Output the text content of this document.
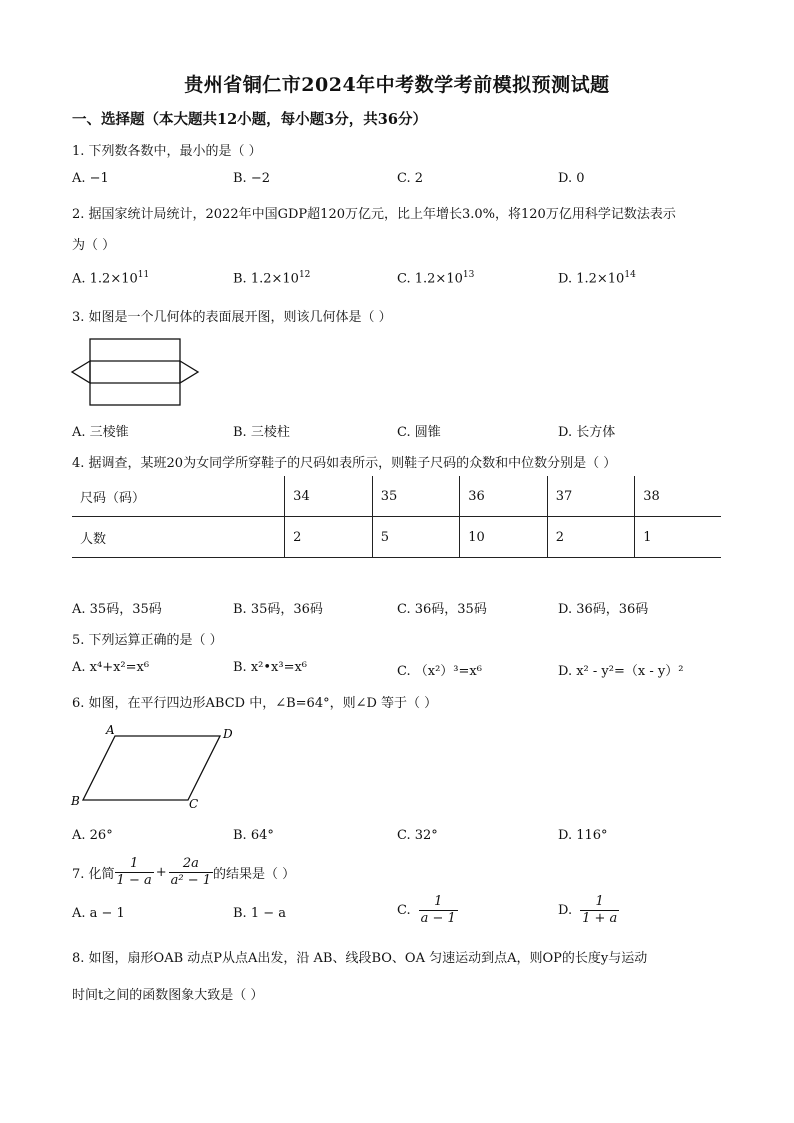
贵州省铜仁市2024年中考数学考前模拟预测试题
一、选择题（本大题共12小题，每小题3分，共36分）
1. 下列数各数中，最小的是（ ）
A. −1	B. −2	C. 2	D. 0
2. 据国家统计局统计，2022年中国GDP超120万亿元，比上年增长3.0%，将120万亿用科学记数法表示
为（ ）
A. $1.2\times 10^{11}$	B. $1.2\times 10^{12}$	C. $1.2\times 10^{13}$	D. $1.2\times 10^{14}$
3. 如图是一个几何体的表面展开图，则该几何体是（ ）
A. 三棱锥	B. 三棱柱	C. 圆锥	D. 长方体
4. 据调查，某班20为女同学所穿鞋子的尺码如表所示，则鞋子尺码的众数和中位数分别是（ ）
尺码（码）	34	35	36	37	38
人数	2	5	10	2	1
A. 35码，35码	B. 35码，36码	C. 36码，35码	D. 36码，36码
5. 下列运算正确的是（ ）
A. x⁴+x²=x⁶	B. x²•x³=x⁶	C. （x²）³=x⁶	D. x² - y²=（x - y）²
6. 如图，在平行四边形ABCD 中，∠B=64°，则∠D 等于（ ）
A	D
B	C
A. 26°	B. 64°	C. 32°	D. 116°
7. 化简 $\frac{1}{1 - a} + \frac{2a}{\text{a² − 1}}$ 的结果是（ ）
A. a − 1	B. 1 − a	C. $\frac{1}{a - 1}$	D. $\frac{1}{1 + a}$
8. 如图，扇形OAB 动点P从点A出发，沿 AB、线段BO、OA 匀速运动到点A，则OP的长度y与运动
时间t之间的函数图象大致是（ ）
